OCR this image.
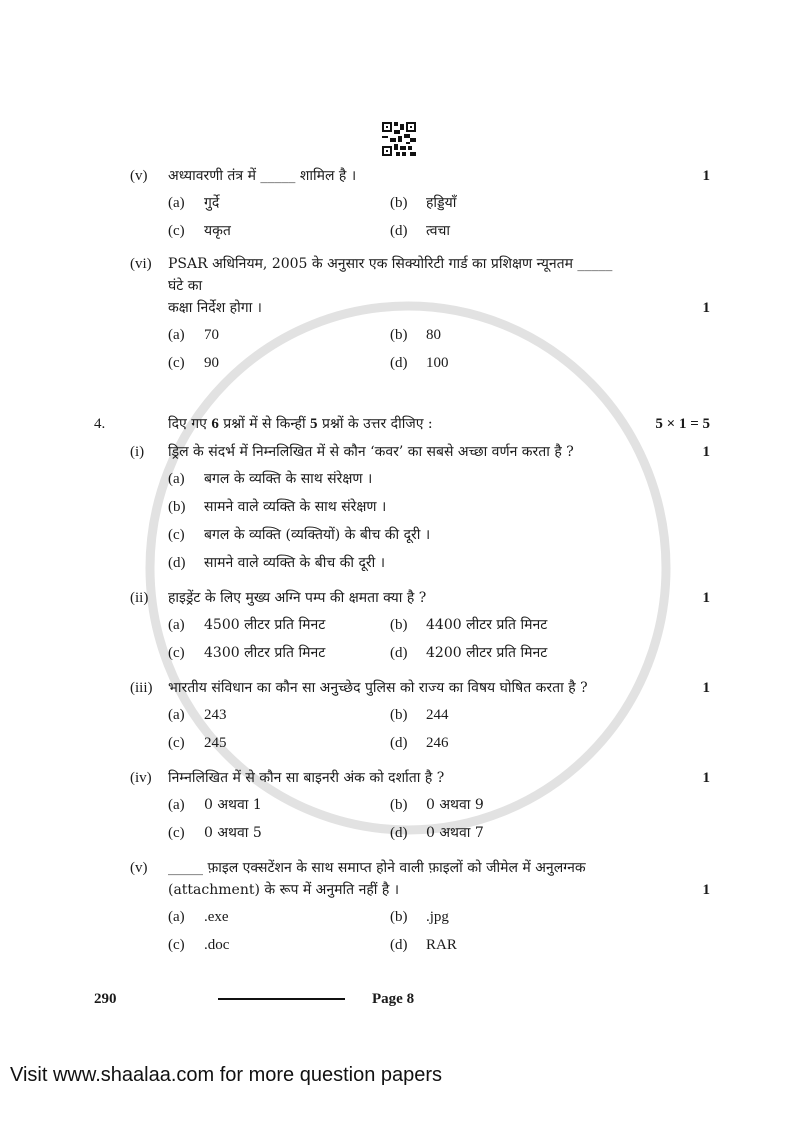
(v)	अध्यावरणी तंत्र में _____ शामिल है ।	1
(a)	गुर्दे	(b)	हड्डियाँ
(c)	यकृत	(d)	त्वचा
(vi)	PSAR अधिनियम, 2005 के अनुसार एक सिक्योरिटी गार्ड का प्रशिक्षण न्यूनतम _____ घंटे का
कक्षा निर्देश होगा ।	1
(a)	70	(b)	80
(c)	90	(d)	100
4.	दिए गए 6 प्रश्नों में से किन्हीं 5 प्रश्नों के उत्तर दीजिए :	5 × 1 = 5
(i)	ड्रिल के संदर्भ में निम्नलिखित में से कौन ‘कवर’ का सबसे अच्छा वर्णन करता है ?	1
(a)	बगल के व्यक्ति के साथ संरेक्षण ।
(b)	सामने वाले व्यक्ति के साथ संरेक्षण ।
(c)	बगल के व्यक्ति (व्यक्तियों) के बीच की दूरी ।
(d)	सामने वाले व्यक्ति के बीच की दूरी ।
(ii)	हाइड्रेंट के लिए मुख्य अग्नि पम्प की क्षमता क्या है ?	1
(a)	4500 लीटर प्रति मिनट	(b)	4400 लीटर प्रति मिनट
(c)	4300 लीटर प्रति मिनट	(d)	4200 लीटर प्रति मिनट
(iii)	भारतीय संविधान का कौन सा अनुच्छेद पुलिस को राज्य का विषय घोषित करता है ?	1
(a)	243	(b)	244
(c)	245	(d)	246
(iv)	निम्नलिखित में से कौन सा बाइनरी अंक को दर्शाता है ?	1
(a)	0 अथवा 1	(b)	0 अथवा 9
(c)	0 अथवा 5	(d)	0 अथवा 7
(v)	_____ फ़ाइल एक्सटेंशन के साथ समाप्त होने वाली फ़ाइलों को जीमेल में अनुलग्नक
(attachment) के रूप में अनुमति नहीं है ।	1
(a)	.exe	(b)	.jpg
(c)	.doc	(d)	RAR
290	Page 8
Visit www.shaalaa.com for more question papers
